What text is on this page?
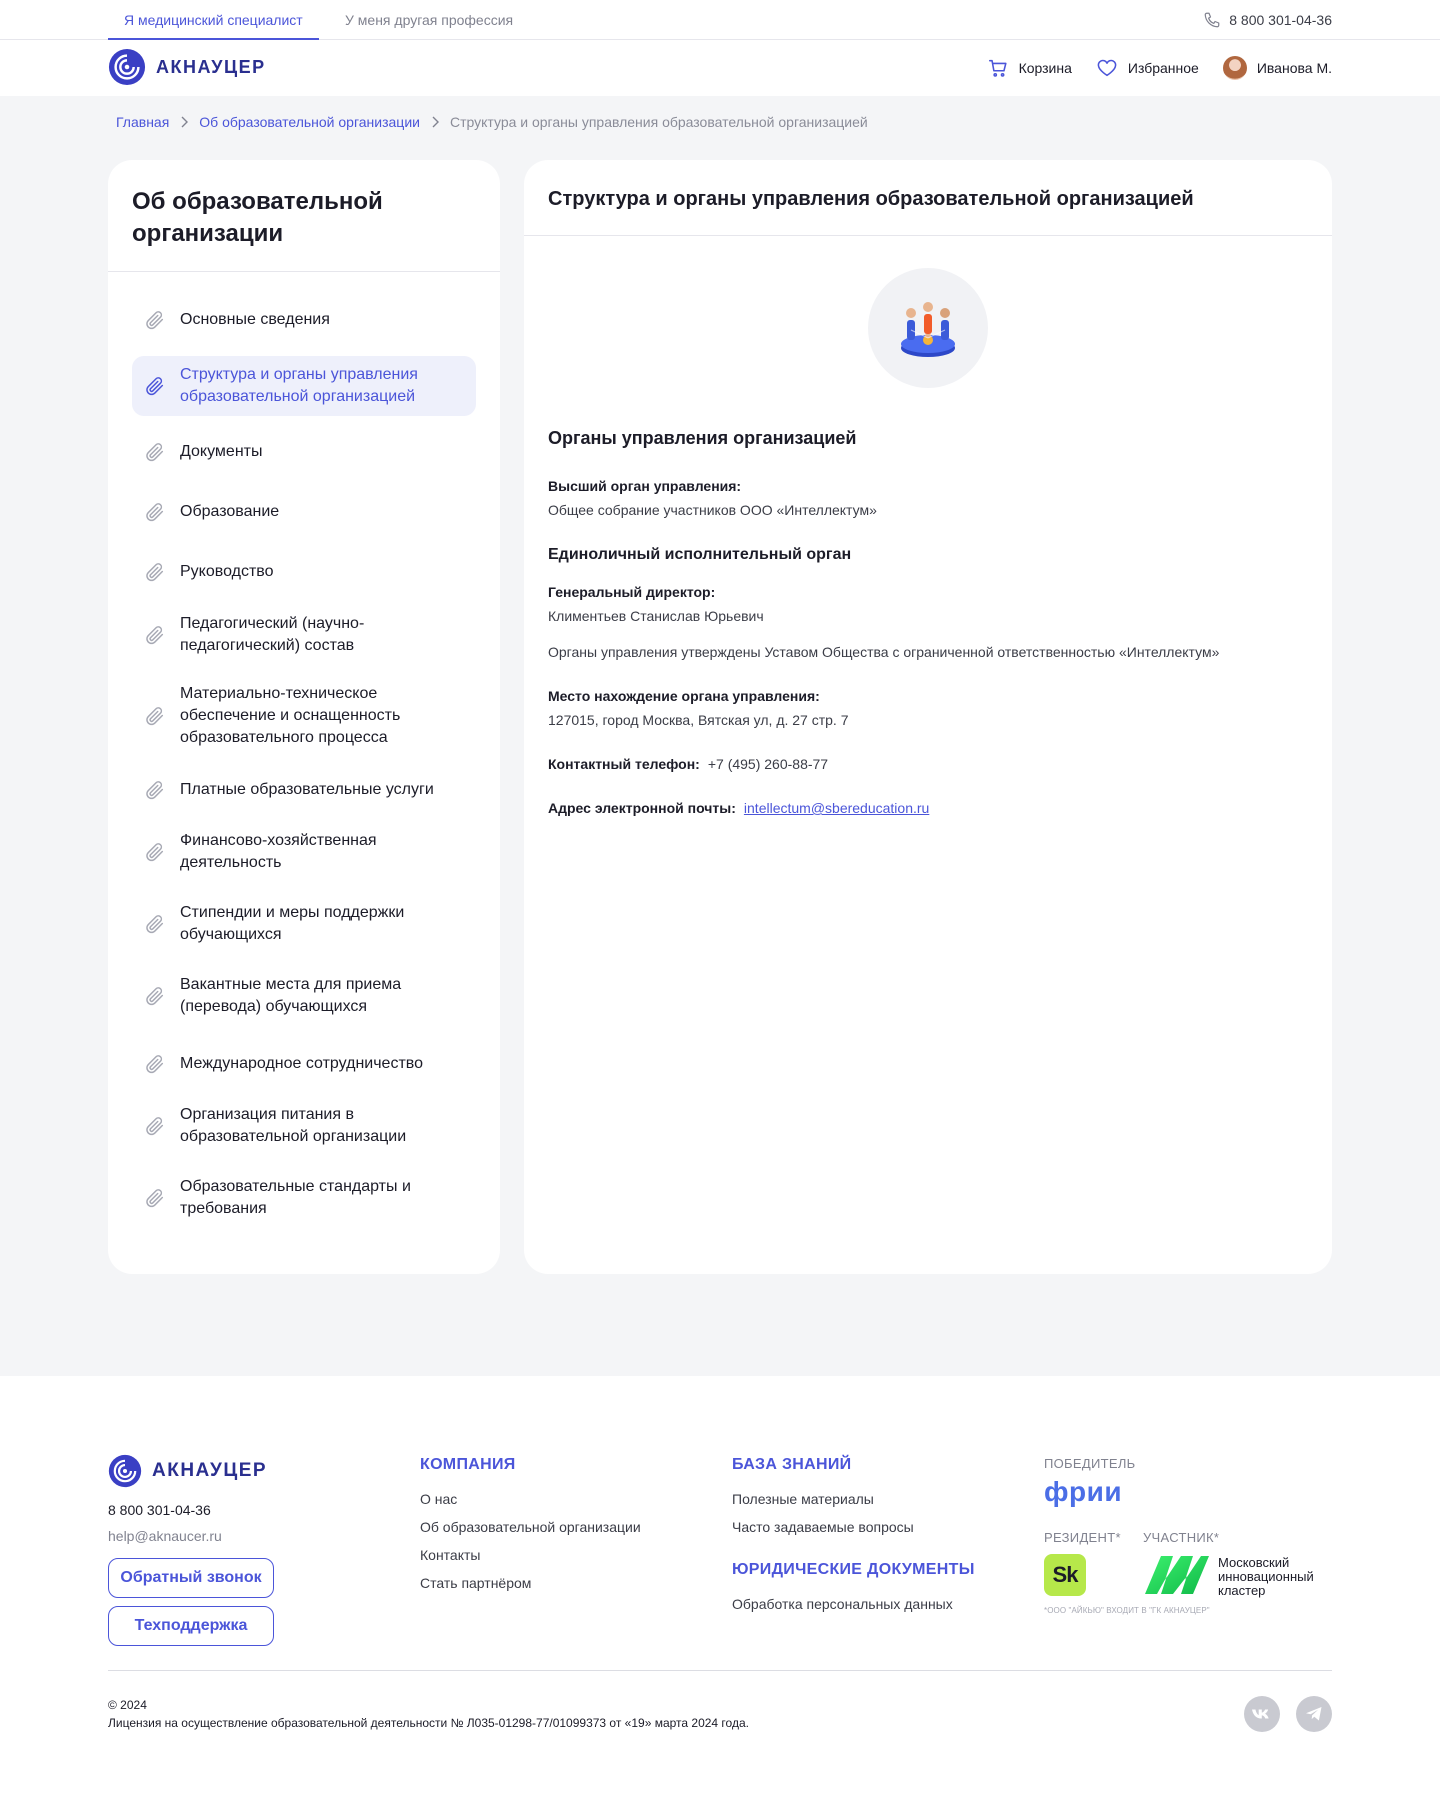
Я медицинский специалист	У меня другая профессия	8 800 301-04-36
АКНАУЦЕР	Корзина	Избранное	Иванова М.
Главная Об образовательной организации Структура и органы управления образовательной организацией
Об образовательной организации
Основные сведения
Структура и органы управления образовательной организацией
Документы
Образование
Руководство
Педагогический (научно-педагогический) состав
Материально-техническое обеспечение и оснащенность образовательного процесса
Платные образовательные услуги
Финансово-хозяйственная деятельность
Стипендии и меры поддержки обучающихся
Вакантные места для приема (перевода) обучающихся
Международное сотрудничество
Организация питания в образовательной организации
Образовательные стандарты и требования
Структура и органы управления образовательной организацией
Органы управления организацией
Высший орган управления:
Общее собрание участников ООО «Интеллектум»
Единоличный исполнительный орган
Генеральный директор:
Климентьев Станислав Юрьевич
Органы управления утверждены Уставом Общества с ограниченной ответственностью «Интеллектум»
Место нахождение органа управления:
127015, город Москва, Вятская ул, д. 27 стр. 7
Контактный телефон: +7 (495) 260-88-77
Адрес электронной почты: intellectum@sbereducation.ru
АКНАУЦЕР
8 800 301-04-36
help@aknaucer.ru
Обратный звонок
Техподдержка
КОМПАНИЯ
О нас
Об образовательной организации
Контакты
Стать партнёром
БАЗА ЗНАНИЙ
Полезные материалы
Часто задаваемые вопросы
ЮРИДИЧЕСКИЕ ДОКУМЕНТЫ
Обработка персональных данных
ПОБЕДИТЕЛЬ
фрии
РЕЗИДЕНТ* УЧАСТНИК*
Sk	Московский инновационный кластер
*ООО "АЙКЬЮ" ВХОДИТ В "ГК АКНАУЦЕР"
© 2024
Лицензия на осуществление образовательной деятельности № Л035-01298-77/01099373 от «19» марта 2024 года.
